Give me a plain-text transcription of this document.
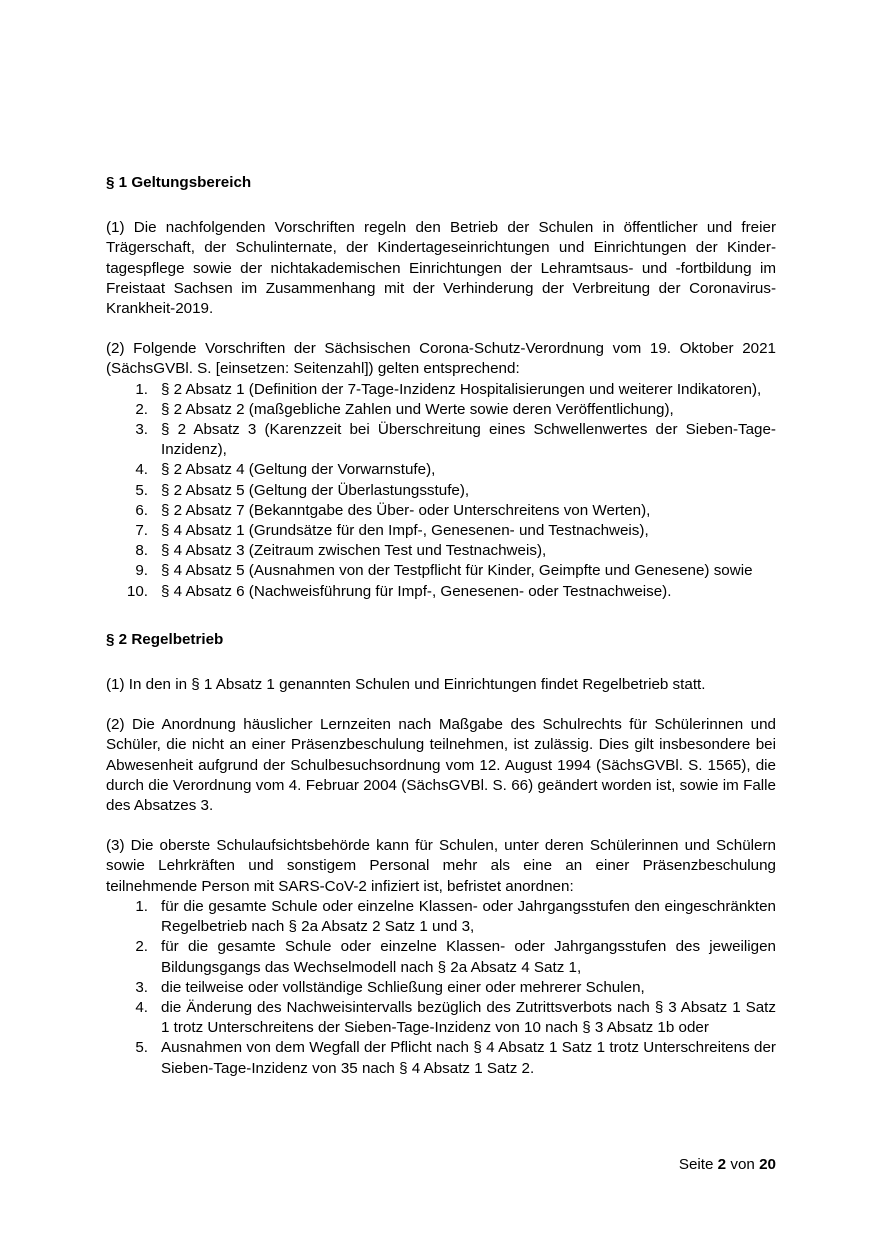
§ 1 Geltungsbereich

(1) Die nachfolgenden Vorschriften regeln den Betrieb der Schulen in öffentlicher und freier Trägerschaft, der Schulinternate, der Kindertageseinrichtungen und Einrichtungen der Kindertagespflege sowie der nichtakademischen Einrichtungen der Lehramtsaus- und -fortbildung im Freistaat Sachsen im Zusammenhang mit der Verhinderung der Verbreitung der Coronavirus-Krankheit-2019.

(2) Folgende Vorschriften der Sächsischen Corona-Schutz-Verordnung vom 19. Oktober 2021 (SächsGVBl. S. [einsetzen: Seitenzahl]) gelten entsprechend:

1. § 2 Absatz 1 (Definition der 7-Tage-Inzidenz Hospitalisierungen und weiterer Indikatoren),
2. § 2 Absatz 2 (maßgebliche Zahlen und Werte sowie deren Veröffentlichung),
3. § 2 Absatz 3 (Karenzzeit bei Überschreitung eines Schwellenwertes der Sieben-Tage-Inzidenz),
4. § 2 Absatz 4 (Geltung der Vorwarnstufe),
5. § 2 Absatz 5 (Geltung der Überlastungsstufe),
6. § 2 Absatz 7 (Bekanntgabe des Über- oder Unterschreitens von Werten),
7. § 4 Absatz 1 (Grundsätze für den Impf-, Genesenen- und Testnachweis),
8. § 4 Absatz 3 (Zeitraum zwischen Test und Testnachweis),
9. § 4 Absatz 5 (Ausnahmen von der Testpflicht für Kinder, Geimpfte und Genesene) sowie
10. § 4 Absatz 6 (Nachweisführung für Impf-, Genesenen- oder Testnachweise).
§ 2 Regelbetrieb

(1) In den in § 1 Absatz 1 genannten Schulen und Einrichtungen findet Regelbetrieb statt.

(2) Die Anordnung häuslicher Lernzeiten nach Maßgabe des Schulrechts für Schülerinnen und Schüler, die nicht an einer Präsenzbeschulung teilnehmen, ist zulässig. Dies gilt insbesondere bei Abwesenheit aufgrund der Schulbesuchsordnung vom 12. August 1994 (SächsGVBl. S. 1565), die durch die Verordnung vom 4. Februar 2004 (SächsGVBl. S. 66) geändert worden ist, sowie im Falle des Absatzes 3.

(3) Die oberste Schulaufsichtsbehörde kann für Schulen, unter deren Schülerinnen und Schülern sowie Lehrkräften und sonstigem Personal mehr als eine an einer Präsenzbeschulung teilnehmende Person mit SARS-CoV-2 infiziert ist, befristet anordnen:

1. für die gesamte Schule oder einzelne Klassen- oder Jahrgangsstufen den eingeschränkten Regelbetrieb nach § 2a Absatz 2 Satz 1 und 3,
2. für die gesamte Schule oder einzelne Klassen- oder Jahrgangsstufen des jeweiligen Bildungsgangs das Wechselmodell nach § 2a Absatz 4 Satz 1,
3. die teilweise oder vollständige Schließung einer oder mehrerer Schulen,
4. die Änderung des Nachweisintervalls bezüglich des Zutrittsverbots nach § 3 Absatz 1 Satz 1 trotz Unterschreitens der Sieben-Tage-Inzidenz von 10 nach § 3 Absatz 1b oder
5. Ausnahmen von dem Wegfall der Pflicht nach § 4 Absatz 1 Satz 1 trotz Unterschreitens der Sieben-Tage-Inzidenz von 35 nach § 4 Absatz 1 Satz 2.
Seite 2 von 20
